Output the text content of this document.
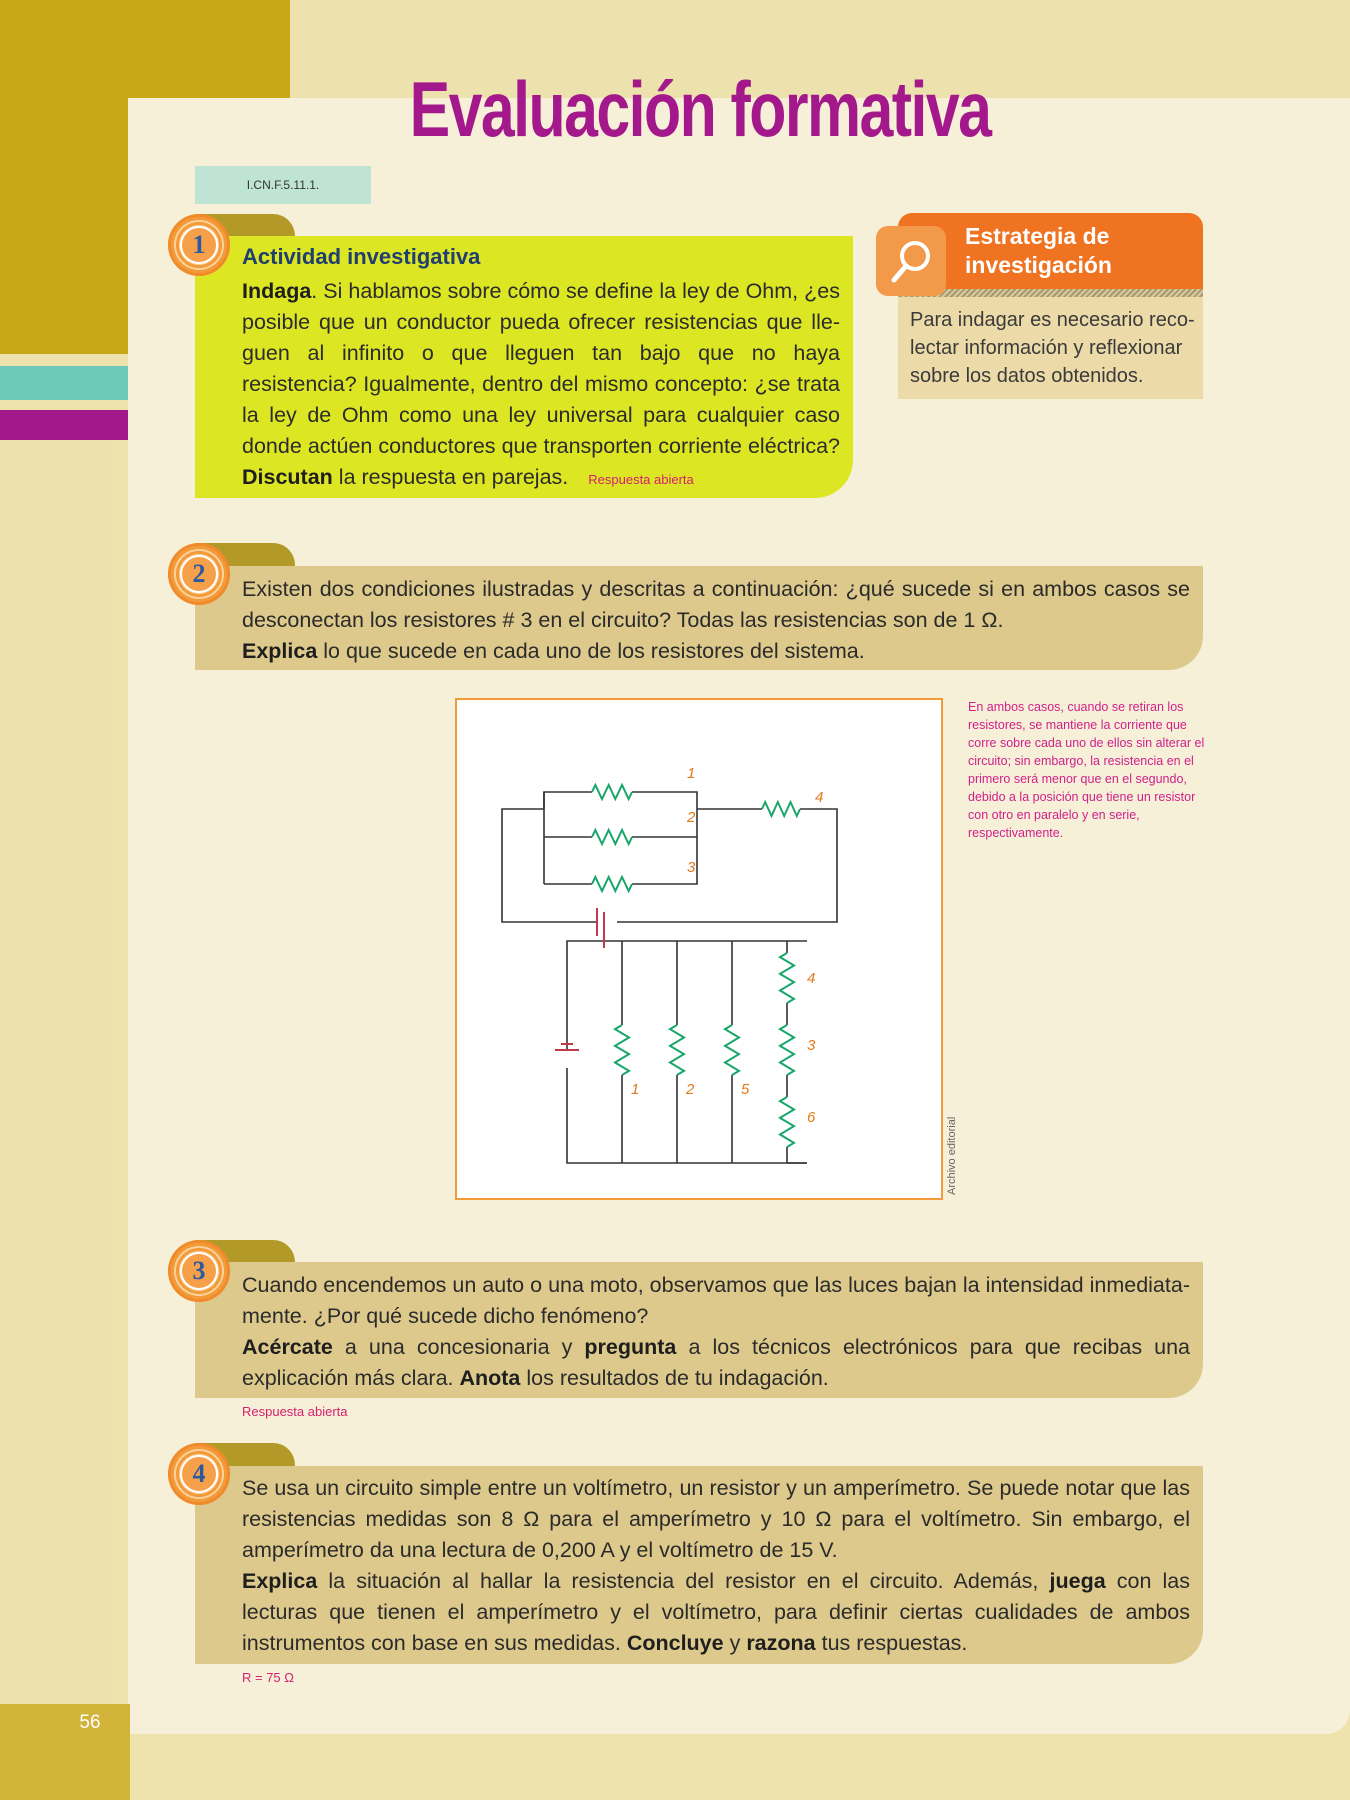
56
Evaluación formativa
I.CN.F.5.11.1.
1	Actividad investigativa
Indaga. Si hablamos sobre cómo se define la ley de Ohm, ¿es posible que un conductor pueda ofrecer resistencias que lleguen al infinito o que lleguen tan bajo que no haya resistencia? Igualmente, dentro del mismo concepto: ¿se trata la ley de Ohm como una ley universal para cualquier caso donde actúen conductores que transporten corriente eléctrica? Discutan la respuesta en parejas. Respuesta abierta
Estrategia de
investigación
Para indagar es necesario recolectar información y reflexionar sobre los datos obtenidos.
2
Existen dos condiciones ilustradas y descritas a continuación: ¿qué sucede si en ambos casos se desconectan los resistores # 3 en el circuito? Todas las resistencias son de 1 Ω.
Explica lo que sucede en cada uno de los resistores del sistema.
1
2
3
4
1	2	5
4
3
6
En ambos casos, cuando se retiran los resistores, se mantiene la corriente que corre sobre cada uno de ellos sin alterar el circuito; sin embargo, la resistencia en el primero será menor que en el segundo, debido a la posición que tiene un resistor con otro en paralelo y en serie, respectivamente.
Archivo editorial
3	Cuando encendemos un auto o una moto, observamos que las luces bajan la intensidad inmediatamente. ¿Por qué sucede dicho fenómeno?
Acércate a una concesionaria y pregunta a los técnicos electrónicos para que recibas una explicación más clara. Anota los resultados de tu indagación.
Respuesta abierta
4	Se usa un circuito simple entre un voltímetro, un resistor y un amperímetro. Se puede notar que las resistencias medidas son 8 Ω para el amperímetro y 10 Ω para el voltímetro. Sin embargo, el amperímetro da una lectura de 0,200 A y el voltímetro de 15 V.
Explica la situación al hallar la resistencia del resistor en el circuito. Además, juega con las lecturas que tienen el amperímetro y el voltímetro, para definir ciertas cualidades de ambos instrumentos con base en sus medidas. Concluye y razona tus respuestas.
R = 75 Ω
